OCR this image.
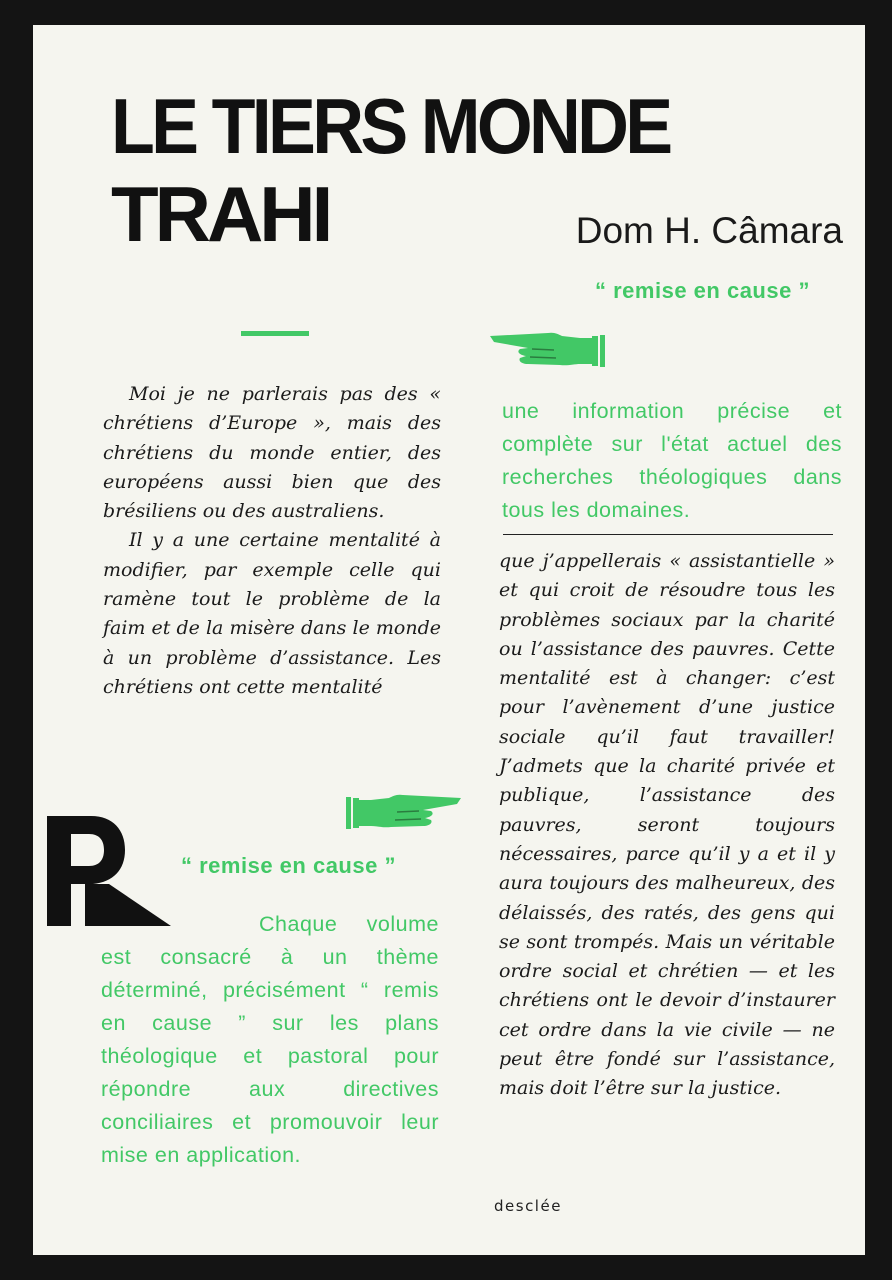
LE TIERS MONDE
TRAHI	Dom H. Câmara
“ remise en cause ”

Moi je ne parlerais pas des « chrétiens d’Europe », mais des chrétiens du monde entier, des européens aussi bien que des brésiliens ou des australiens.

Il y a une certaine mentalité à modifier, par exemple celle qui ramène tout le problème de la faim et de la misère dans le monde à un problème d’assistance. Les chrétiens ont cette mentalité

une information précise et complète sur l'état actuel des recherches théologiques dans tous les domaines.

que j’appellerais « assistantielle » et qui croit de résoudre tous les problèmes sociaux par la charité ou l’assistance des pauvres. Cette mentalité est à changer: c’est pour l’avènement d’une justice sociale qu’il faut travailler! J’admets que la charité privée et publique, l’assistance des pauvres, seront toujours nécessaires, parce qu’il y a et il y aura toujours des malheureux, des délaissés, des ratés, des gens qui se sont trompés. Mais un véritable ordre social et chrétien — et les chrétiens ont le devoir d’instaurer cet ordre dans la vie civile — ne peut être fondé sur l’assistance, mais doit l’être sur la justice.

“ remise en cause ”
Chaque volume est consacré à un thème déterminé, précisément “ remis en cause ” sur les plans théologique et pastoral pour répondre aux directives conciliaires et promouvoir leur mise en application.
desclée
